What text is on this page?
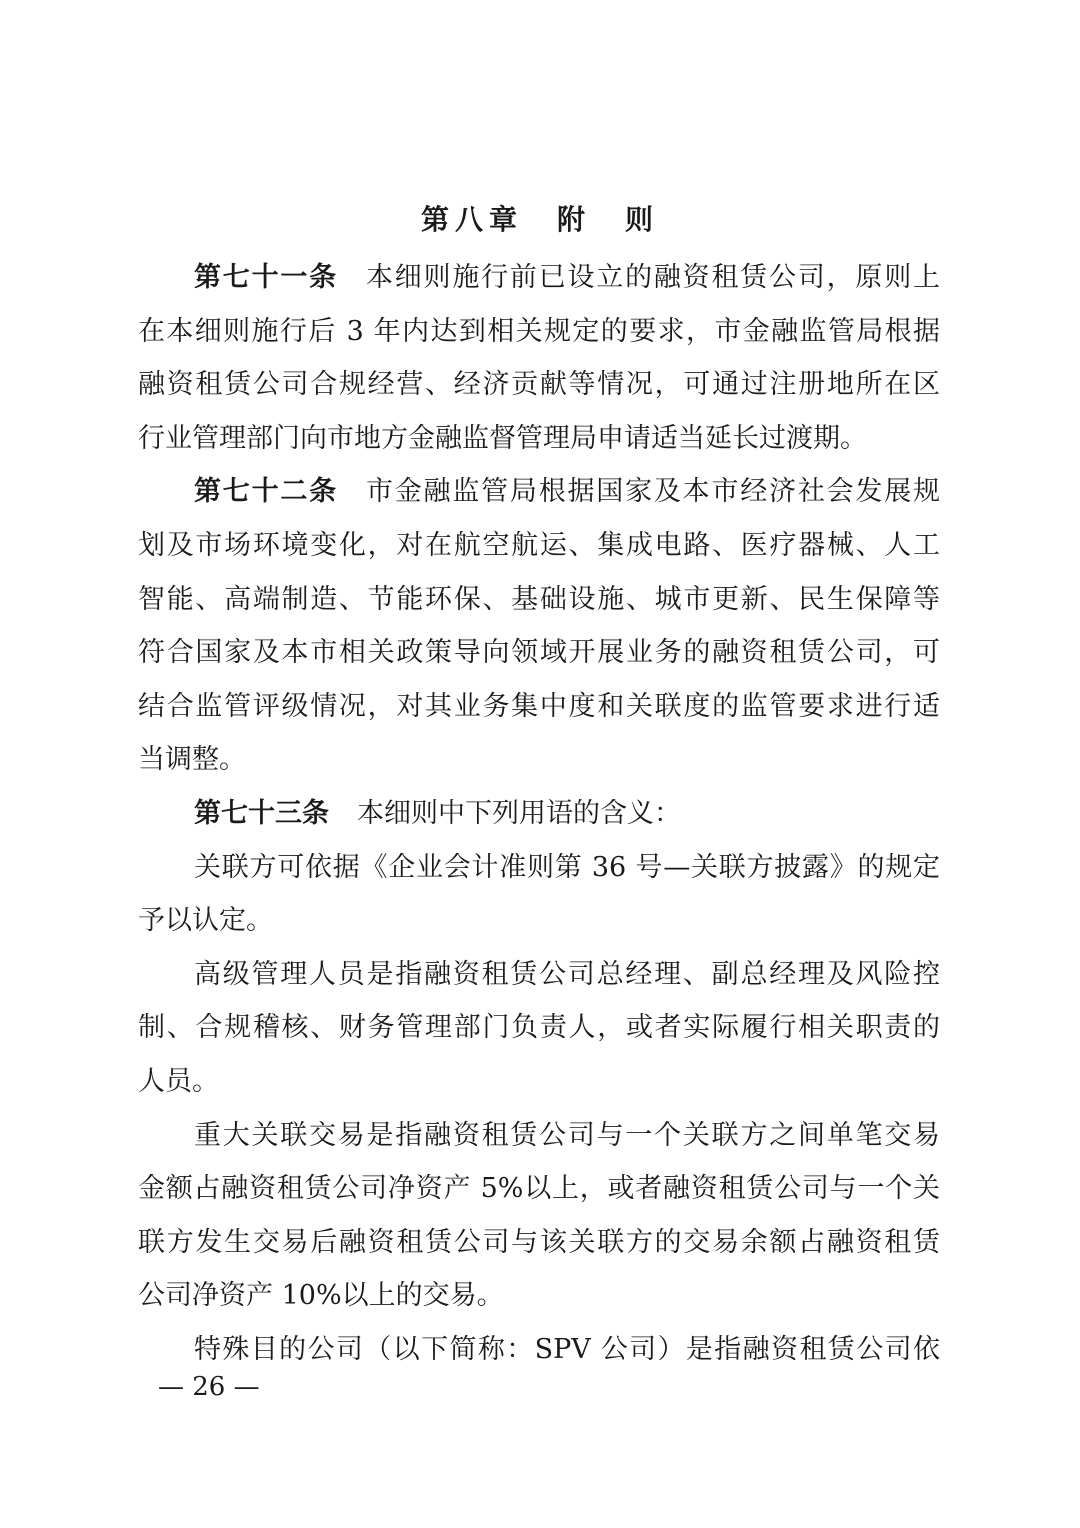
第八章　附　则
第七十一条 本细则施行前已设立的融资租赁公司，原则上
在本细则施行后 3 年内达到相关规定的要求，市金融监管局根据
融资租赁公司合规经营、经济贡献等情况，可通过注册地所在区
行业管理部门向市地方金融监督管理局申请适当延长过渡期。
第七十二条 市金融监管局根据国家及本市经济社会发展规
划及市场环境变化，对在航空航运、集成电路、医疗器械、人工
智能、高端制造、节能环保、基础设施、城市更新、民生保障等
符合国家及本市相关政策导向领域开展业务的融资租赁公司，可
结合监管评级情况，对其业务集中度和关联度的监管要求进行适
当调整。
第七十三条 本细则中下列用语的含义：
关联方可依据《企业会计准则第 36 号—关联方披露》的规定
予以认定。
高级管理人员是指融资租赁公司总经理、副总经理及风险控
制、合规稽核、财务管理部门负责人，或者实际履行相关职责的
人员。
重大关联交易是指融资租赁公司与一个关联方之间单笔交易
金额占融资租赁公司净资产 5%以上，或者融资租赁公司与一个关
联方发生交易后融资租赁公司与该关联方的交易余额占融资租赁
公司净资产 10%以上的交易。
特殊目的公司（以下简称：SPV 公司）是指融资租赁公司依
— 26 —
